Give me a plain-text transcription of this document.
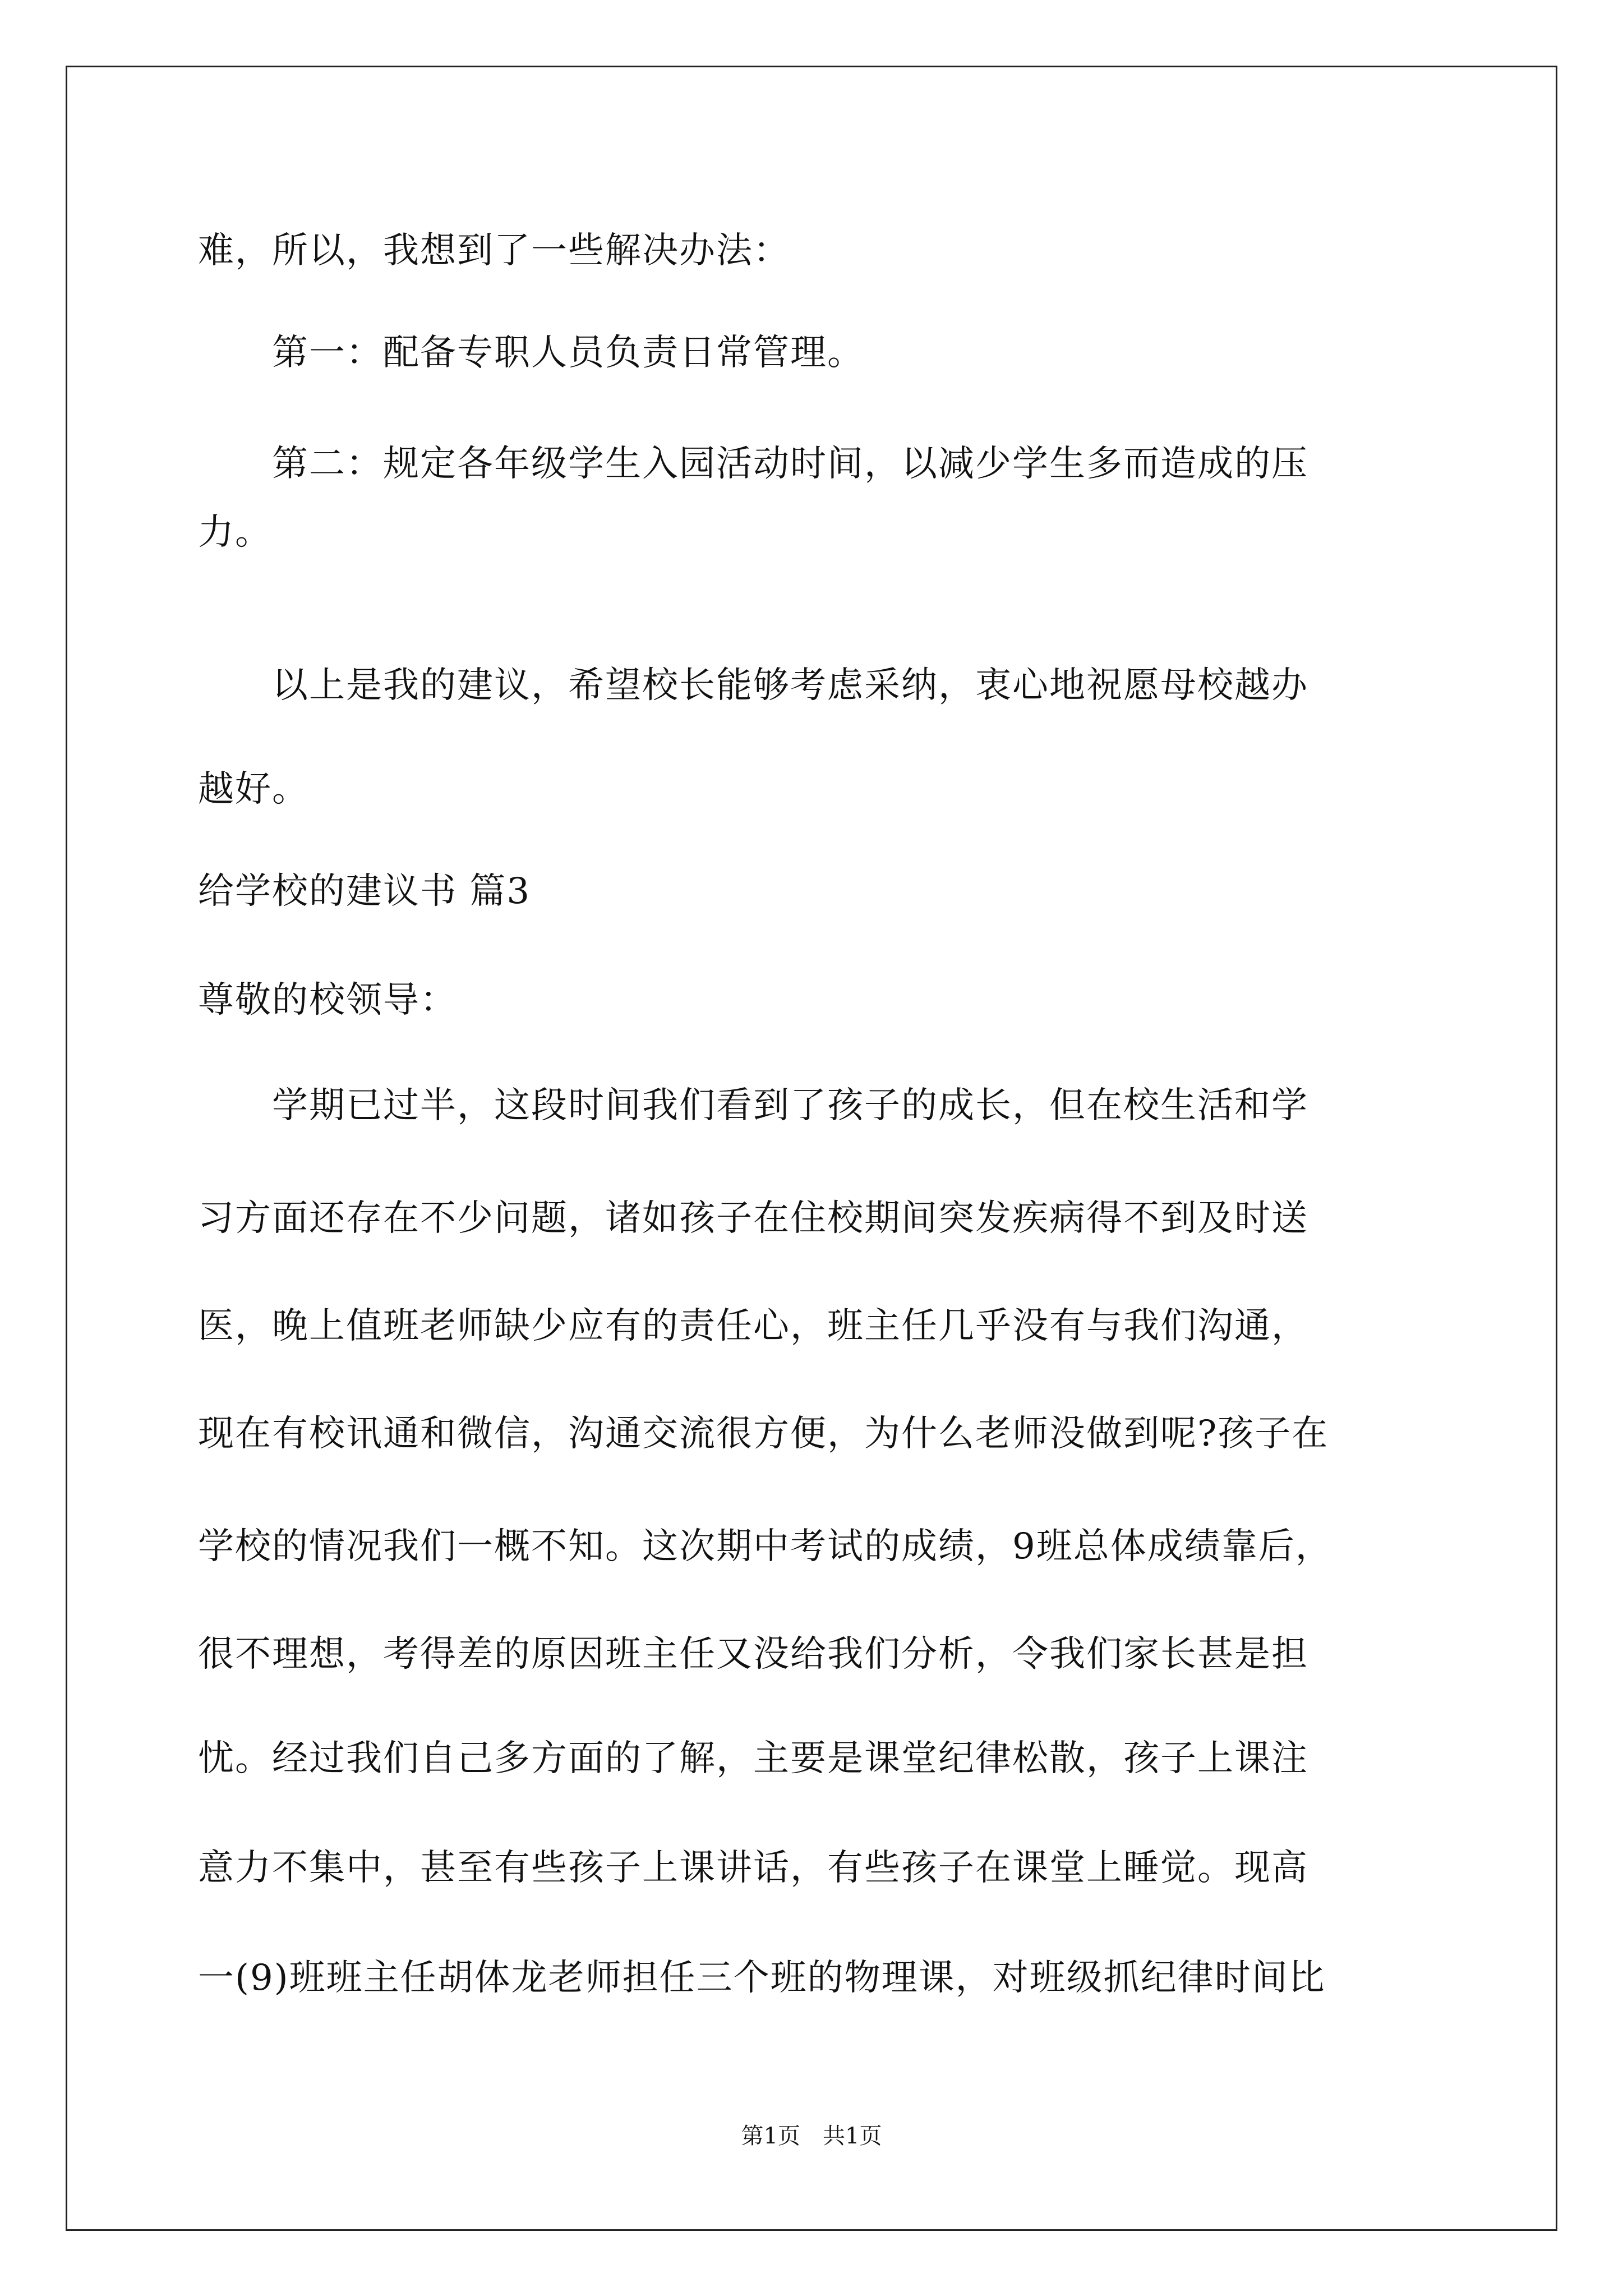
难，所以，我想到了一些解决办法：
　　第一：配备专职人员负责日常管理。
　　第二：规定各年级学生入园活动时间，以减少学生多而造成的压
力。
　　以上是我的建议，希望校长能够考虑采纳，衷心地祝愿母校越办
越好。
给学校的建议书 篇3
尊敬的校领导：
　　学期已过半，这段时间我们看到了孩子的成长，但在校生活和学
习方面还存在不少问题，诸如孩子在住校期间突发疾病得不到及时送
医，晚上值班老师缺少应有的责任心，班主任几乎没有与我们沟通，
现在有校讯通和微信，沟通交流很方便，为什么老师没做到呢?孩子在
学校的情况我们一概不知。这次期中考试的成绩，9班总体成绩靠后，
很不理想，考得差的原因班主任又没给我们分析，令我们家长甚是担
忧。经过我们自己多方面的了解，主要是课堂纪律松散，孩子上课注
意力不集中，甚至有些孩子上课讲话，有些孩子在课堂上睡觉。现高
一(9)班班主任胡体龙老师担任三个班的物理课，对班级抓纪律时间比
第1页　共1页
